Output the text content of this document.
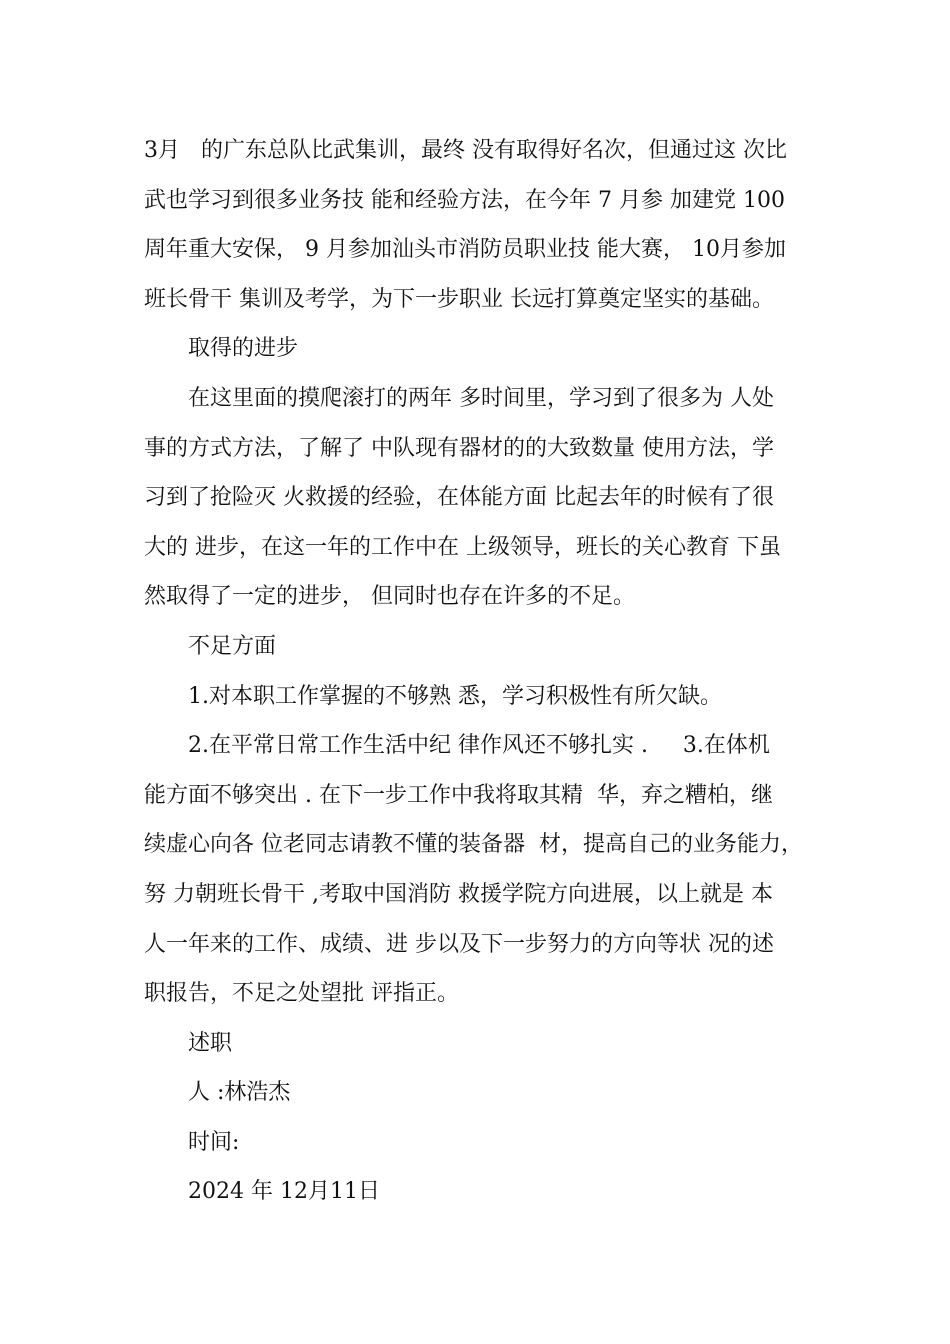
3月   的广东总队比武集训，最终 没有取得好名次，但通过这 次比
武也学习到很多业务技 能和经验方法，在今年 7 月参 加建党 100
周年重大安保， 9 月参加汕头市消防员职业技 能大赛， 10月参加
班长骨干 集训及考学，为下一步职业 长远打算奠定坚实的基础。
取得的进步
在这里面的摸爬滚打的两年 多时间里，学习到了很多为 人处
事的方式方法，了解了 中队现有器材的的大致数量 使用方法，学
习到了抢险灭 火救援的经验，在体能方面 比起去年的时候有了很
大的 进步，在这一年的工作中在 上级领导，班长的关心教育 下虽
然取得了一定的进步， 但同时也存在许多的不足。
不足方面
1.对本职工作掌握的不够熟 悉，学习积极性有所欠缺。
2.在平常日常工作生活中纪 律作风还不够扎实 .     3.在体机
能方面不够突出 . 在下一步工作中我将取其精  华，弃之糟柏，继
续虚心向各 位老同志请教不懂的装备器  材，提高自己的业务能力，
努 力朝班长骨干 ,考取中国消防 救援学院方向进展，以上就是 本
人一年来的工作、成绩、进 步以及下一步努力的方向等状 况的述
职报告，不足之处望批 评指正。
述职
人 :林浩杰
时间:
2024 年 12月11日
